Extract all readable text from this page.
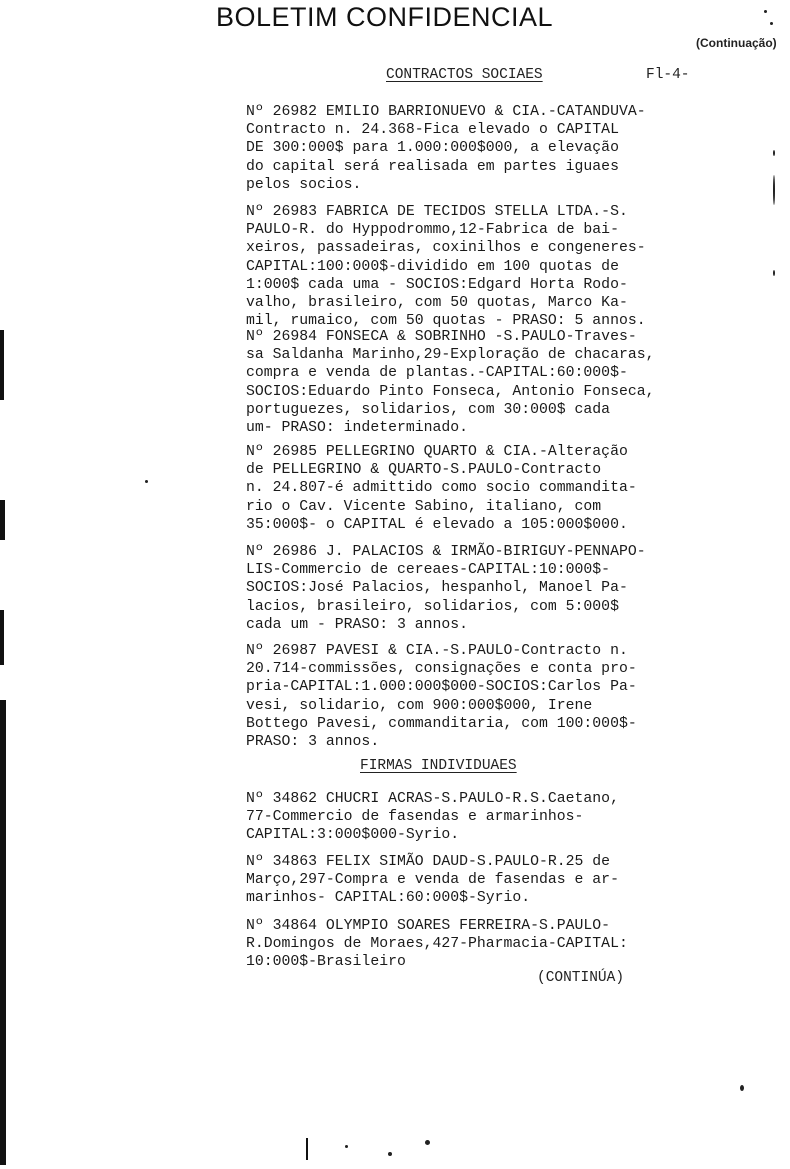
BOLETIM CONFIDENCIAL
(Continuação)
CONTRACTOS SOCIAES	Fl-4-
Nº 26982 EMILIO BARRIONUEVO & CIA.-CATANDUVA-
Contracto n. 24.368-Fica elevado o CAPITAL
DE 300:000$ para 1.000:000$000, a elevação
do capital será realisada em partes iguaes
pelos socios.
Nº 26983 FABRICA DE TECIDOS STELLA LTDA.-S.
PAULO-R. do Hyppodrommo,12-Fabrica de bai-
xeiros, passadeiras, coxinilhos e congeneres-
CAPITAL:100:000$-dividido em 100 quotas de
1:000$ cada uma - SOCIOS:Edgard Horta Rodo-
valho, brasileiro, com 50 quotas, Marco Ka-
mil, rumaico, com 50 quotas - PRASO: 5 annos.
Nº 26984 FONSECA & SOBRINHO -S.PAULO-Traves-
sa Saldanha Marinho,29-Exploração de chacaras,
compra e venda de plantas.-CAPITAL:60:000$-
SOCIOS:Eduardo Pinto Fonseca, Antonio Fonseca,
portuguezes, solidarios, com 30:000$ cada
um- PRASO: indeterminado.
Nº 26985 PELLEGRINO QUARTO & CIA.-Alteração
de PELLEGRINO & QUARTO-S.PAULO-Contracto
n. 24.807-é admittido como socio commandita-
rio o Cav. Vicente Sabino, italiano, com
35:000$- o CAPITAL é elevado a 105:000$000.
Nº 26986 J. PALACIOS & IRMÃO-BIRIGUY-PENNAPO-
LIS-Commercio de cereaes-CAPITAL:10:000$-
SOCIOS:José Palacios, hespanhol, Manoel Pa-
lacios, brasileiro, solidarios, com 5:000$
cada um - PRASO: 3 annos.
Nº 26987 PAVESI & CIA.-S.PAULO-Contracto n.
20.714-commissões, consignações e conta pro-
pria-CAPITAL:1.000:000$000-SOCIOS:Carlos Pa-
vesi, solidario, com 900:000$000, Irene
Bottego Pavesi, commanditaria, com 100:000$-
PRASO: 3 annos.
FIRMAS INDIVIDUAES
Nº 34862 CHUCRI ACRAS-S.PAULO-R.S.Caetano,
77-Commercio de fasendas e armarinhos-
CAPITAL:3:000$000-Syrio.
Nº 34863 FELIX SIMÃO DAUD-S.PAULO-R.25 de
Março,297-Compra e venda de fasendas e ar-
marinhos- CAPITAL:60:000$-Syrio.
Nº 34864 OLYMPIO SOARES FERREIRA-S.PAULO-
R.Domingos de Moraes,427-Pharmacia-CAPITAL:
10:000$-Brasileiro
(CONTINÚA)
